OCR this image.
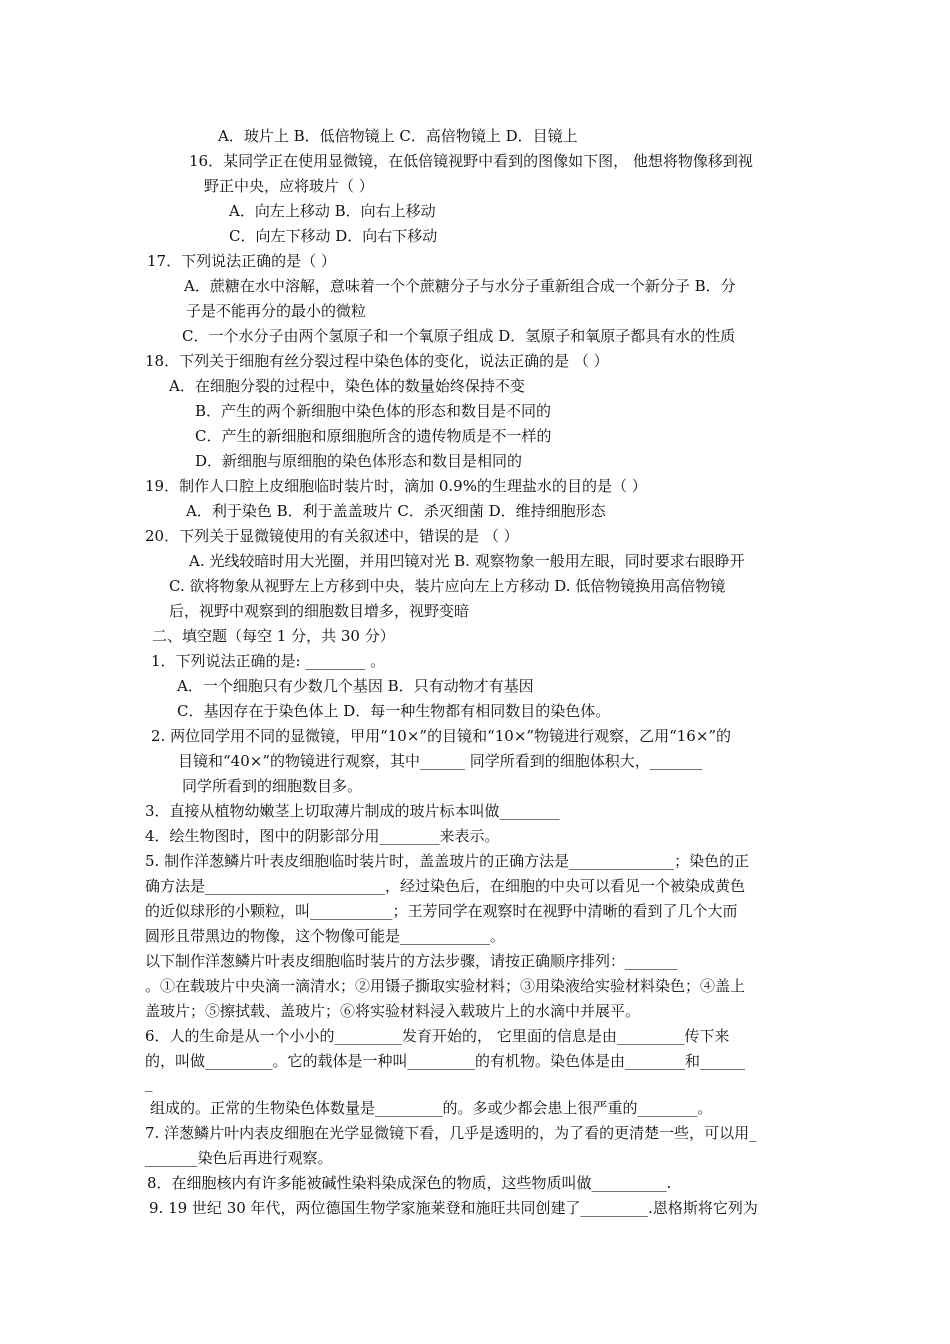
A．玻片上 B．低倍物镜上 C．高倍物镜上 D．目镜上
16．某同学正在使用显微镜，在低倍镜视野中看到的图像如下图， 他想将物像移到视
野正中央，应将玻片（ ）
A．向左上移动 B．向右上移动
C．向左下移动 D．向右下移动
17．下列说法正确的是（ ）
A．蔗糖在水中溶解，意味着一个个蔗糖分子与水分子重新组合成一个新分子 B．分
子是不能再分的最小的微粒
C．一个水分子由两个氢原子和一个氧原子组成 D．氢原子和氧原子都具有水的性质
18．下列关于细胞有丝分裂过程中染色体的变化，说法正确的是 （ ）
A．在细胞分裂的过程中，染色体的数量始终保持不变
B．产生的两个新细胞中染色体的形态和数目是不同的
C．产生的新细胞和原细胞所含的遗传物质是不一样的
D．新细胞与原细胞的染色体形态和数目是相同的
19．制作人口腔上皮细胞临时装片时，滴加 0.9%的生理盐水的目的是（ ）
A．利于染色 B．利于盖盖玻片 C．杀灭细菌 D．维持细胞形态
20．下列关于显微镜使用的有关叙述中，错误的是 （ ）
A. 光线较暗时用大光圈，并用凹镜对光 B. 观察物象一般用左眼，同时要求右眼睁开
C. 欲将物象从视野左上方移到中央，装片应向左上方移动 D. 低倍物镜换用高倍物镜
后，视野中观察到的细胞数目增多，视野变暗
二、填空题（每空 1 分，共 30 分）
1．下列说法正确的是: ________ 。
A．一个细胞只有少数几个基因 B．只有动物才有基因
C．基因存在于染色体上 D．每一种生物都有相同数目的染色体。
2. 两位同学用不同的显微镜，甲用“10×”的目镜和“10×”物镜进行观察，乙用“16×”的
目镜和“40×”的物镜进行观察，其中______ 同学所看到的细胞体积大，_______
同学所看到的细胞数目多。
3．直接从植物幼嫩茎上切取薄片制成的玻片标本叫做________
4．绘生物图时，图中的阴影部分用________来表示。
5. 制作洋葱鳞片叶表皮细胞临时装片时，盖盖玻片的正确方法是______________；染色的正
确方法是________________________，经过染色后，在细胞的中央可以看见一个被染成黄色
的近似球形的小颗粒，叫___________；王芳同学在观察时在视野中清晰的看到了几个大而
圆形且带黑边的物像，这个物像可能是____________。
以下制作洋葱鳞片叶表皮细胞临时装片的方法步骤，请按正确顺序排列：_______
。①在载玻片中央滴一滴清水；②用镊子撕取实验材料；③用染液给实验材料染色；④盖上
盖玻片；⑤擦拭载、盖玻片；⑥将实验材料浸入载玻片上的水滴中并展平。
6．人的生命是从一个小小的_________发育开始的， 它里面的信息是由_________传下来
的，叫做_________。它的载体是一种叫_________的有机物。染色体是由________和______
_
组成的。正常的生物染色体数量是_________的。多或少都会患上很严重的________。
7. 洋葱鳞片叶内表皮细胞在光学显微镜下看，几乎是透明的，为了看的更清楚一些，可以用_
_______染色后再进行观察。
8．在细胞核内有许多能被碱性染料染成深色的物质，这些物质叫做__________.
9. 19 世纪 30 年代，两位德国生物学家施莱登和施旺共同创建了_________.恩格斯将它列为
